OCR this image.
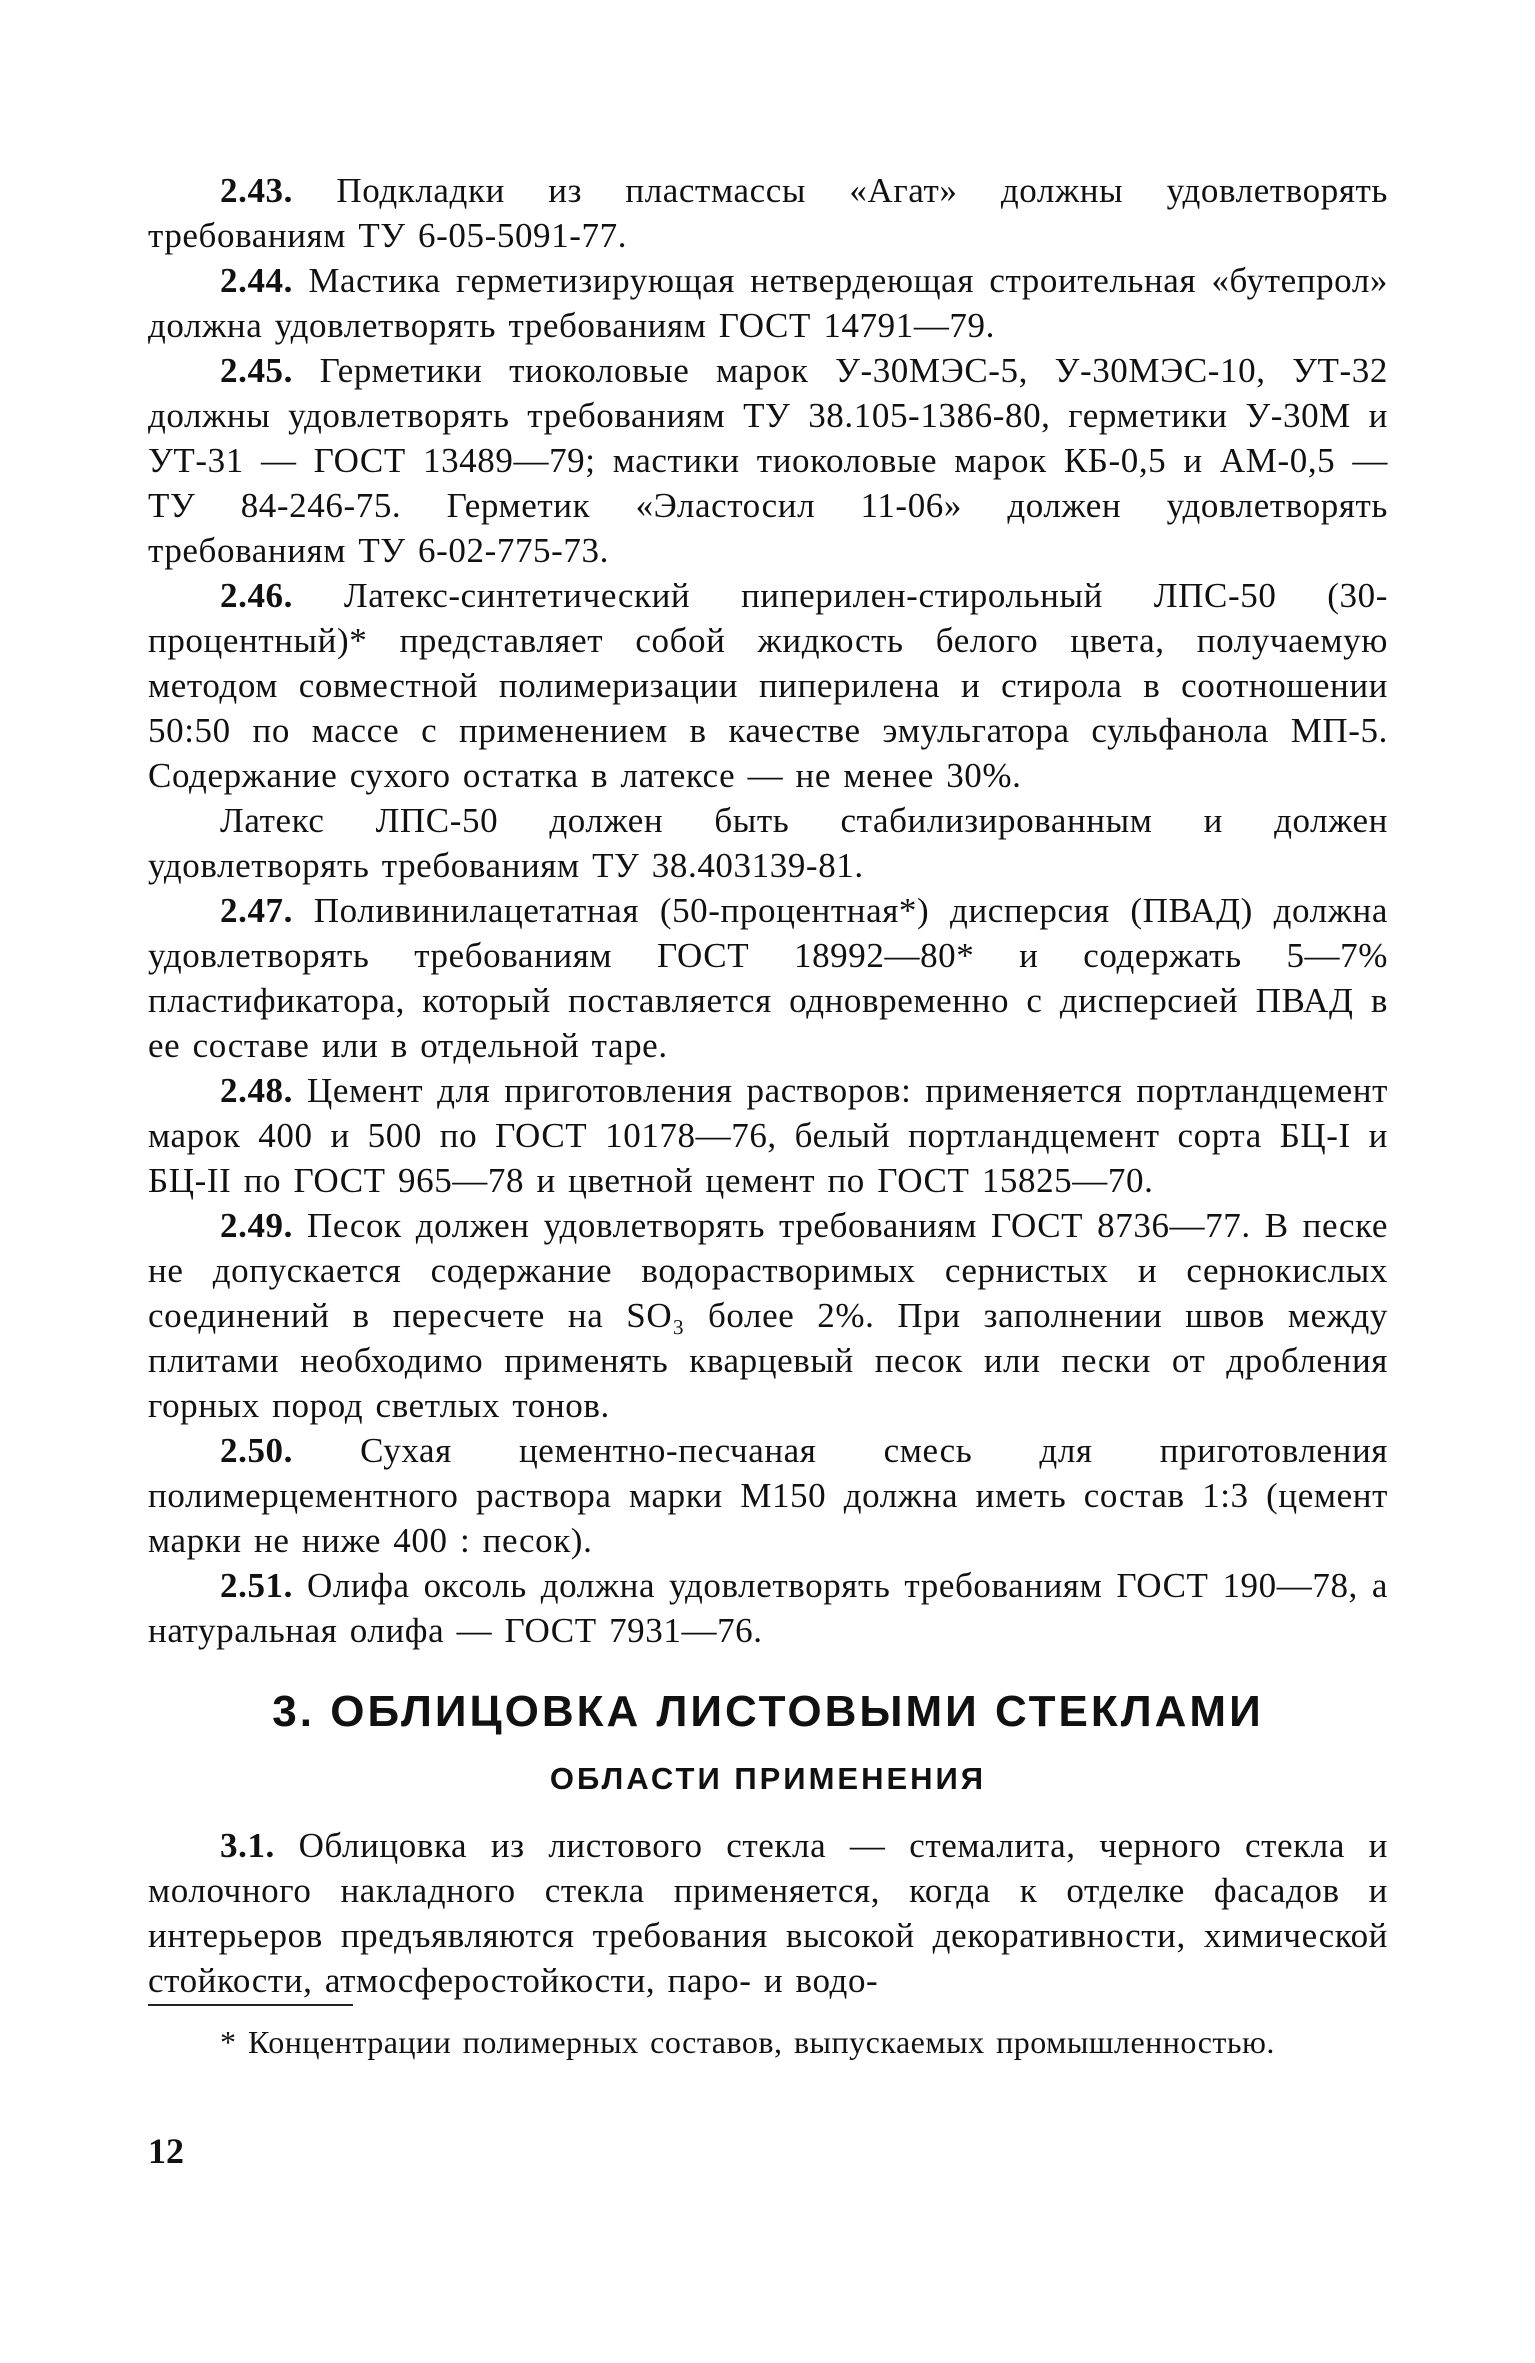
2.43. Подкладки из пластмассы «Агат» должны удовлетворять требованиям ТУ 6-05-5091-77.

2.44. Мастика герметизирующая нетвердеющая строительная «бутепрол» должна удовлетворять требованиям ГОСТ 14791—79.

2.45. Герметики тиоколовые марок У-30МЭС-5, У-30МЭС-10, УТ-32 должны удовлетворять требованиям ТУ 38.105-1386-80, герметики У-30М и УТ-31 — ГОСТ 13489—79; мастики тиоколовые марок КБ-0,5 и АМ-0,5 — ТУ 84-246-75. Герметик «Эластосил 11-06» должен удовлетворять требованиям ТУ 6-02-775-73.

2.46. Латекс-синтетический пиперилен-стирольный ЛПС-50 (30-процентный)* представляет собой жидкость белого цвета, получаемую методом совместной полимеризации пиперилена и стирола в соотношении 50:50 по массе с применением в качестве эмульгатора сульфанола МП-5. Содержание сухого остатка в латексе — не менее 30%.

Латекс ЛПС-50 должен быть стабилизированным и должен удовлетворять требованиям ТУ 38.403139-81.

2.47. Поливинилацетатная (50-процентная*) дисперсия (ПВАД) должна удовлетворять требованиям ГОСТ 18992—80* и содержать 5—7% пластификатора, который поставляется одновременно с дисперсией ПВАД в ее составе или в отдельной таре.

2.48. Цемент для приготовления растворов: применяется портландцемент марок 400 и 500 по ГОСТ 10178—76, белый портландцемент сорта БЦ-I и БЦ-II по ГОСТ 965—78 и цветной цемент по ГОСТ 15825—70.

2.49. Песок должен удовлетворять требованиям ГОСТ 8736—77. В песке не допускается содержание водорастворимых сернистых и сернокислых соединений в пересчете на SO₃ более 2%. При заполнении швов между плитами необходимо применять кварцевый песок или пески от дробления горных пород светлых тонов.

2.50. Сухая цементно-песчаная смесь для приготовления полимерцементного раствора марки М150 должна иметь состав 1:3 (цемент марки не ниже 400 : песок).

2.51. Олифа оксоль должна удовлетворять требованиям ГОСТ 190—78, а натуральная олифа — ГОСТ 7931—76.

3. ОБЛИЦОВКА ЛИСТОВЫМИ СТЕКЛАМИ
ОБЛАСТИ ПРИМЕНЕНИЯ

3.1. Облицовка из листового стекла — стемалита, черного стекла и молочного накладного стекла применяется, когда к отделке фасадов и интерьеров предъявляются требования высокой декоративности, химической стойкости, атмосферостойкости, паро- и водо-

* Концентрации полимерных составов, выпускаемых промышленностью.
12
